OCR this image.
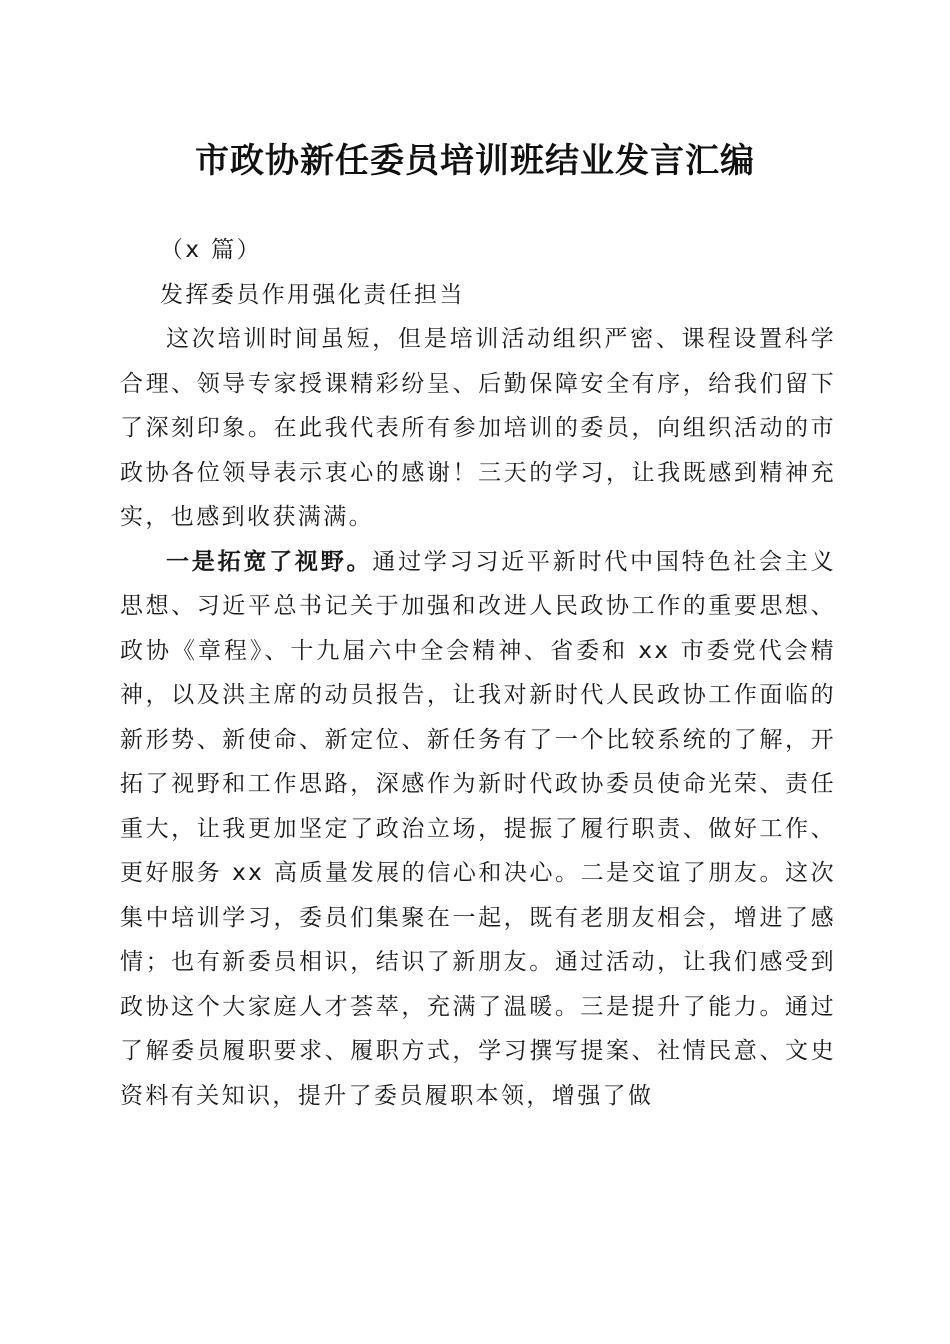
市政协新任委员培训班结业发言汇编

（x 篇）

发挥委员作用强化责任担当

这次培训时间虽短，但是培训活动组织严密、课程设置科学合理、领导专家授课精彩纷呈、后勤保障安全有序，给我们留下了深刻印象。在此我代表所有参加培训的委员，向组织活动的市政协各位领导表示衷心的感谢！三天的学习，让我既感到精神充实，也感到收获满满。

一是拓宽了视野。通过学习习近平新时代中国特色社会主义思想、习近平总书记关于加强和改进人民政协工作的重要思想、政协《章程》、十九届六中全会精神、省委和 xx 市委党代会精神，以及洪主席的动员报告，让我对新时代人民政协工作面临的新形势、新使命、新定位、新任务有了一个比较系统的了解，开拓了视野和工作思路，深感作为新时代政协委员使命光荣、责任重大，让我更加坚定了政治立场，提振了履行职责、做好工作、更好服务 xx 高质量发展的信心和决心。二是交谊了朋友。这次集中培训学习，委员们集聚在一起，既有老朋友相会，增进了感情；也有新委员相识，结识了新朋友。通过活动，让我们感受到政协这个大家庭人才荟萃，充满了温暖。三是提升了能力。通过了解委员履职要求、履职方式，学习撰写提案、社情民意、文史资料有关知识，提升了委员履职本领，增强了做
